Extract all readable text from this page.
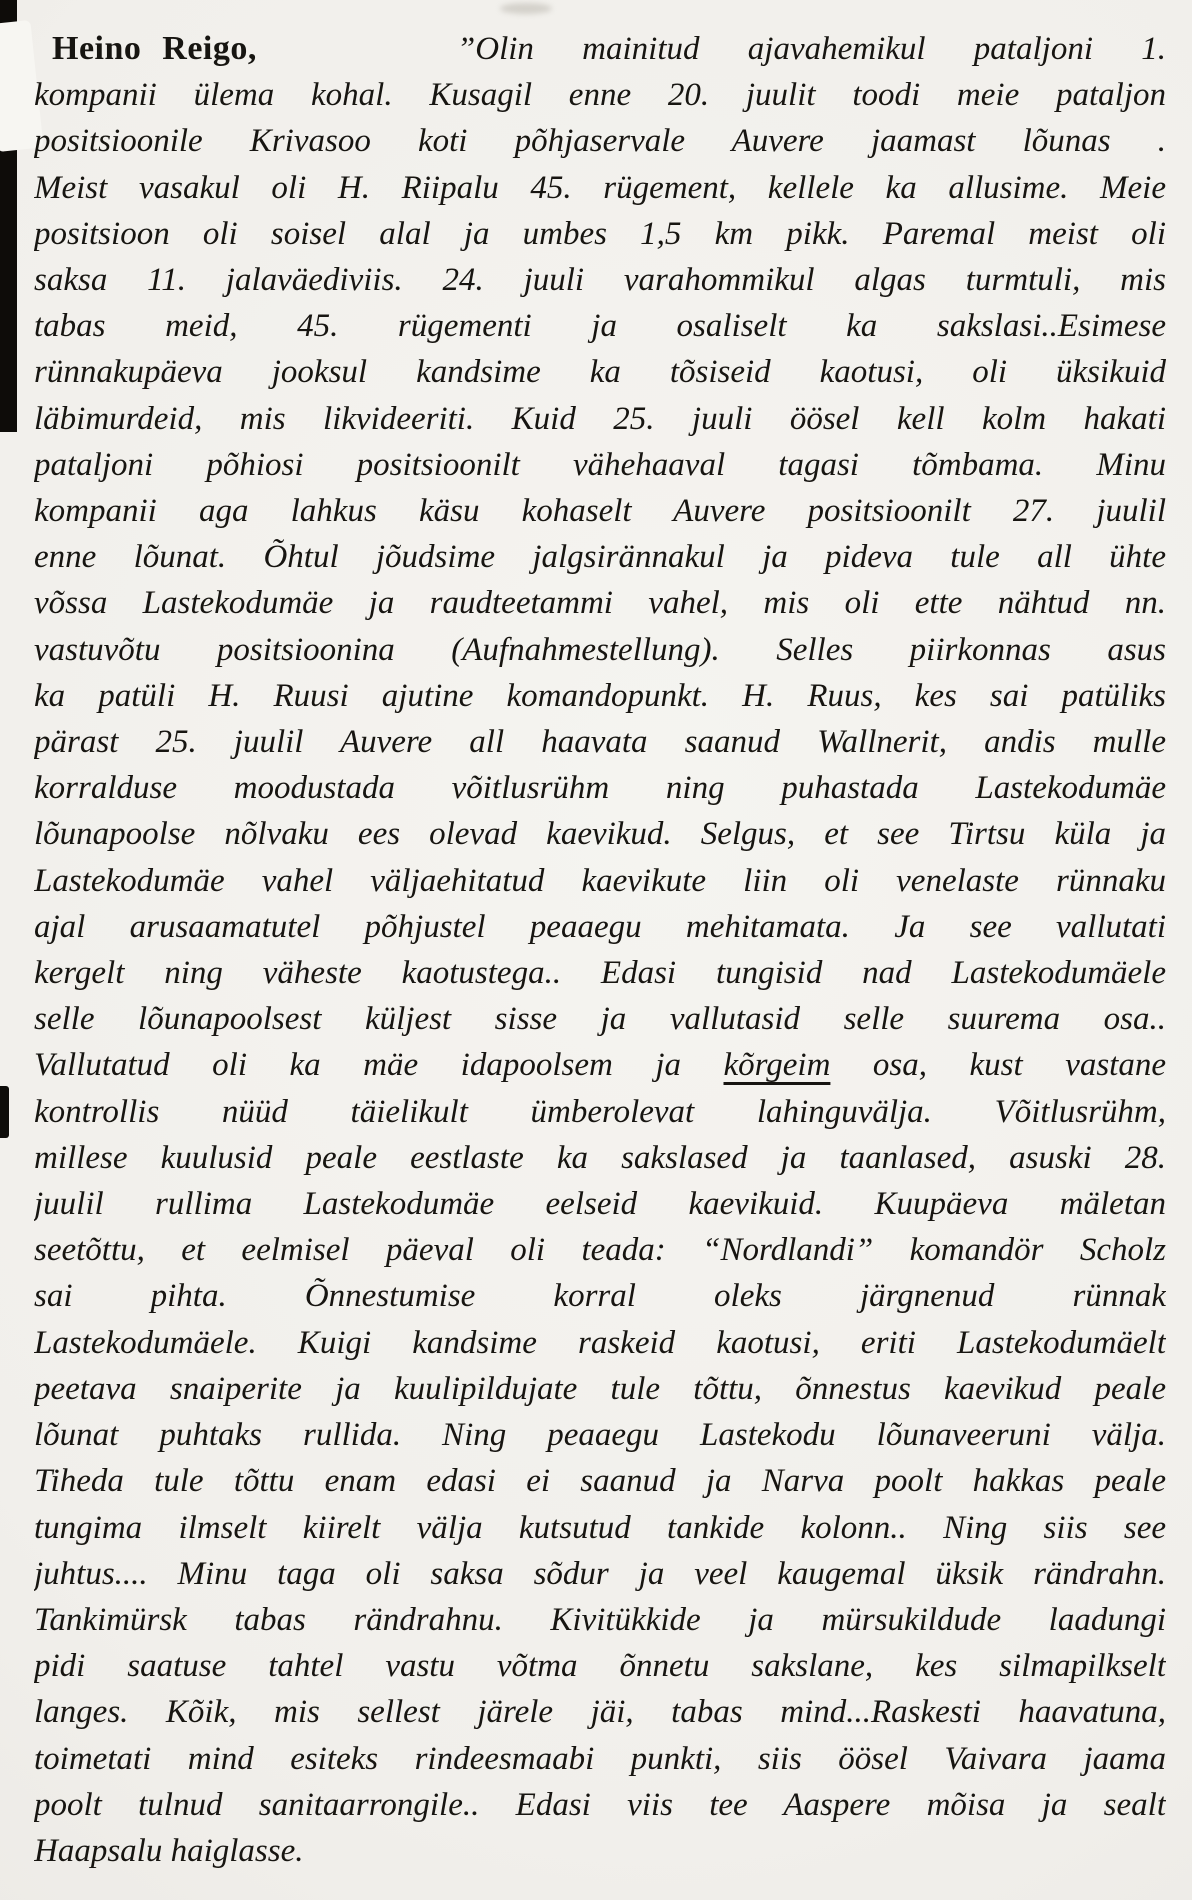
Heino Reigo,	”Olin mainitud ajavahemikul pataljoni 1.
kompanii ülema kohal. Kusagil enne 20. juulit toodi meie pataljon
positsioonile Krivasoo koti põhjaservale Auvere jaamast lõunas .
Meist vasakul oli H. Riipalu 45. rügement, kellele ka allusime. Meie
positsioon oli soisel alal ja umbes 1,5 km pikk. Paremal meist oli
saksa 11. jalaväediviis. 24. juuli varahommikul algas turmtuli, mis
tabas meid, 45. rügementi ja osaliselt ka sakslasi..Esimese
rünnakupäeva jooksul kandsime ka tõsiseid kaotusi, oli üksikuid
läbimurdeid, mis likvideeriti. Kuid 25. juuli öösel kell kolm hakati
pataljoni põhiosi positsioonilt vähehaaval tagasi tõmbama. Minu
kompanii aga lahkus käsu kohaselt Auvere positsioonilt 27. juulil
enne lõunat. Õhtul jõudsime jalgsirännakul ja pideva tule all ühte
võssa Lastekodumäe ja raudteetammi vahel, mis oli ette nähtud nn.
vastuvõtu positsioonina (Aufnahmestellung). Selles piirkonnas asus
ka patüli H. Ruusi ajutine komandopunkt. H. Ruus, kes sai patüliks
pärast 25. juulil Auvere all haavata saanud Wallnerit, andis mulle
korralduse moodustada võitlusrühm ning puhastada Lastekodumäe
lõunapoolse nõlvaku ees olevad kaevikud. Selgus, et see Tirtsu küla ja
Lastekodumäe vahel väljaehitatud kaevikute liin oli venelaste rünnaku
ajal arusaamatutel põhjustel peaaegu mehitamata. Ja see vallutati
kergelt ning väheste kaotustega.. Edasi tungisid nad Lastekodumäele
selle lõunapoolsest küljest sisse ja vallutasid selle suurema osa..
Vallutatud oli ka mäe idapoolsem ja kõrgeim osa, kust vastane
kontrollis nüüd täielikult ümberolevat lahinguvälja. Võitlusrühm,
millese kuulusid peale eestlaste ka sakslased ja taanlased, asuski 28.
juulil rullima Lastekodumäe eelseid kaevikuid. Kuupäeva mäletan
seetõttu, et eelmisel päeval oli teada: “Nordlandi” komandör Scholz
sai pihta. Õnnestumise korral oleks järgnenud rünnak
Lastekodumäele. Kuigi kandsime raskeid kaotusi, eriti Lastekodumäelt
peetava snaiperite ja kuulipildujate tule tõttu, õnnestus kaevikud peale
lõunat puhtaks rullida. Ning peaaegu Lastekodu lõunaveeruni välja.
Tiheda tule tõttu enam edasi ei saanud ja Narva poolt hakkas peale
tungima ilmselt kiirelt välja kutsutud tankide kolonn.. Ning siis see
juhtus.... Minu taga oli saksa sõdur ja veel kaugemal üksik rändrahn.
Tankimürsk tabas rändrahnu. Kivitükkide ja mürsukildude laadungi
pidi saatuse tahtel vastu võtma õnnetu sakslane, kes silmapilkselt
langes. Kõik, mis sellest järele jäi, tabas mind...Raskesti haavatuna,
toimetati mind esiteks rindeesmaabi punkti, siis öösel Vaivara jaama
poolt tulnud sanitaarrongile.. Edasi viis tee Aaspere mõisa ja sealt
Haapsalu haiglasse.
